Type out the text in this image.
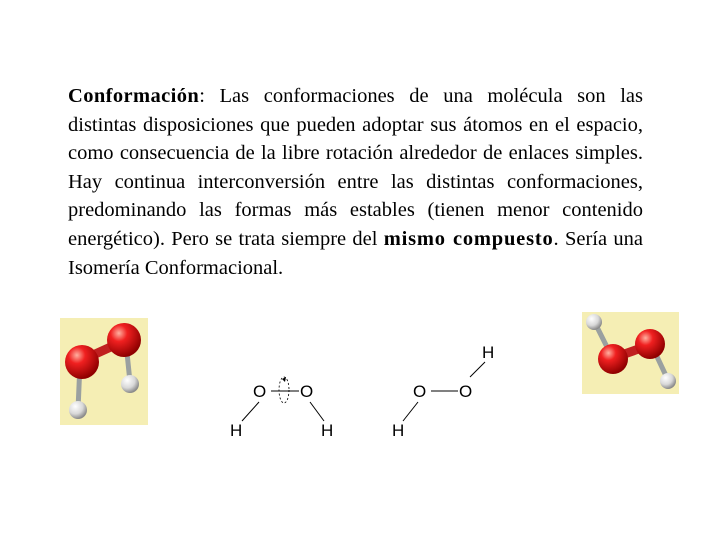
Conformación: Las conformaciones de una molécula son las distintas disposiciones que pueden adoptar sus átomos en el espacio, como consecuencia de la libre rotación alrededor de enlaces simples. Hay continua interconversión entre las distintas conformaciones, predominando las formas más estables (tienen menor contenido energético). Pero se trata siempre del mismo compuesto. Sería una Isomería Conformacional.

O O
H	H
O O
H
H
